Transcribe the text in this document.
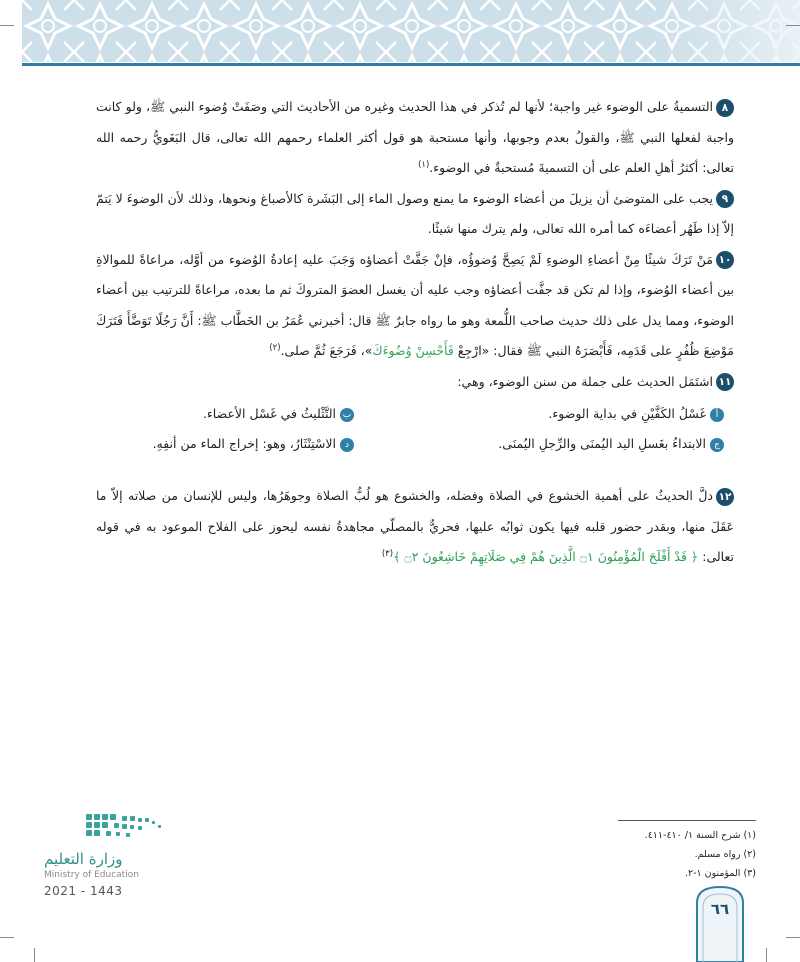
٨التسميةُ على الوضوء غير واجبة؛ لأنها لم تُذكر في هذا الحديث وغيره من الأحاديث التي وصَفَتْ وُضوء النبي ﷺ، ولو كانت واجبة لفعلها النبي ﷺ، والقولُ بعدم وجوبها، وأنها مستحبة هو قول أكثر العلماء رحمهم الله تعالى، قال البَغَويُّ رحمه الله تعالى: أكثرُ أهلِ العلم على أن التسميةَ مُستحبةٌ في الوضوء.$^{(١)}$

٩يجب على المتوضئ أن يزيلَ من أعضاء الوضوء ما يمنع وصول الماء إلى البَشَرة كالأصباغ ونحوها، وذلك لأن الوضوءَ لا يَتمّ إلاّ إذا طَهُر أعضاءَه كما أمره الله تعالى، ولم يترك منها شيئًا.

١٠مَنْ تَرَكَ شيئًا مِنْ أعضاءِ الوضوءِ لَمْ يَصِحَّ وُضوؤُه، فإنْ جَفَّتْ أعضاؤه وَجَبَ عليه إعادةُ الوُضوء من أوَّله، مراعاةً للموالاةِ بين أعضاء الوُضوء، وإذا لم تكن قد جفَّت أعضاؤه وجب عليه أن يغسل العضوَ المتروكَ ثم ما بعده، مراعاةً للترتيب بين أعضاء الوضوء، ومما يدل على ذلك حديث صاحب اللُّمعة وهو ما رواه جابرٌ ﷺ قال: أخبرني عُمَرُ بن الخَطَّاب ﷺ: أَنَّ رَجُلًا تَوَضَّأَ فَتَرَكَ مَوْضِعَ ظُفُرٍ على قَدَمِه، فَأَبْصَرَهُ النبي ﷺ فقال: «ارْجِعْ فَأَحْسِنْ وُضُوءَكَ»، فَرَجَعَ ثُمَّ صلى.$^{(٢)}$

١١اشتَمَل الحديث على جملة من سنن الوضوء، وهي:

أغَسْلُ الكَفَّيْنِ في بداية الوضوء.
بالتَّثْليثُ في غَسْل الأعضاء.
جالابتداءُ بغَسلِ اليد اليُمنَى والرِّجلِ اليُمنَى.
دالاسْتِنْثَارُ، وهو: إخراج الماء من أنفِهِ.

١٢دلَّ الحديثُ على أهمية الخشوع في الصلاة وفضله، والخشوع هو لُبُّ الصلاة وجوهَرُها، وليس للإنسان من صلاته إلاّ ما عَقَلَ منها، وبقدر حضور قلبه فيها يكون ثوابُه عليها، فحريٌّ بالمصلّي مجاهدةُ نفسه ليحوز على الفلاح الموعود به في قوله تعالى: ﴿ قَدْ أَفْلَحَ الْمُؤْمِنُونَ ۝١ الَّذِينَ هُمْ فِي صَلَاتِهِمْ خَاشِعُونَ ۝٢ ﴾$^{(٣)}$

(١) شرح السنة ١/ ٤١٠-٤١١.
(٢) رواه مسلم.
(٣) المؤمنون ١-٢.
وزارة التعليم
Ministry of Education
2021 - 1443
٦٦
